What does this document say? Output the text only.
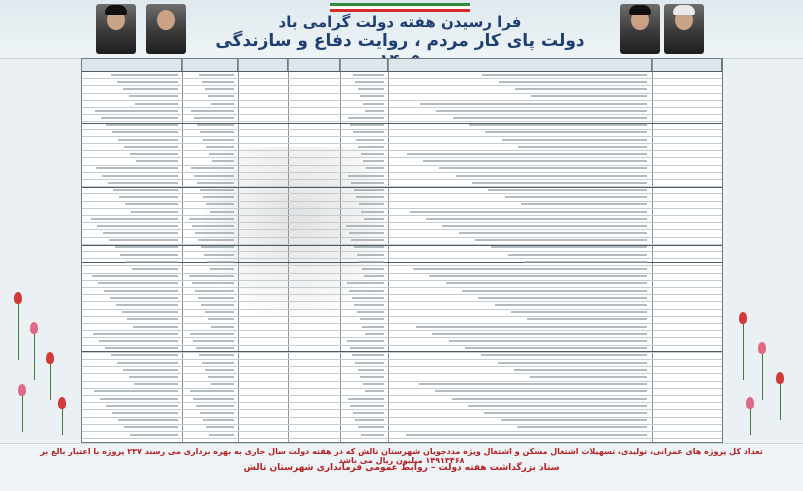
فرا رسیدن هفته دولت گرامی باد
دولت پای کار مردم ، روایت دفاع و سازندگی
تعداد کل پروژه های عمرانی، تولیدی، تسهیلات اشتغال مسکن و اشتغال ویژه مددجویان شهرستان تالش که در هفته دولت سال جاری به بهره برداری می رسند ۲۳۷ پروژه با اعتبار بالغ بر ۱۴۹۱۳۴۶۸ میلیون ریال می باشد
ستاد بزرگداشت هفته دولت – روابط عمومی فرمانداری شهرستان تالش
